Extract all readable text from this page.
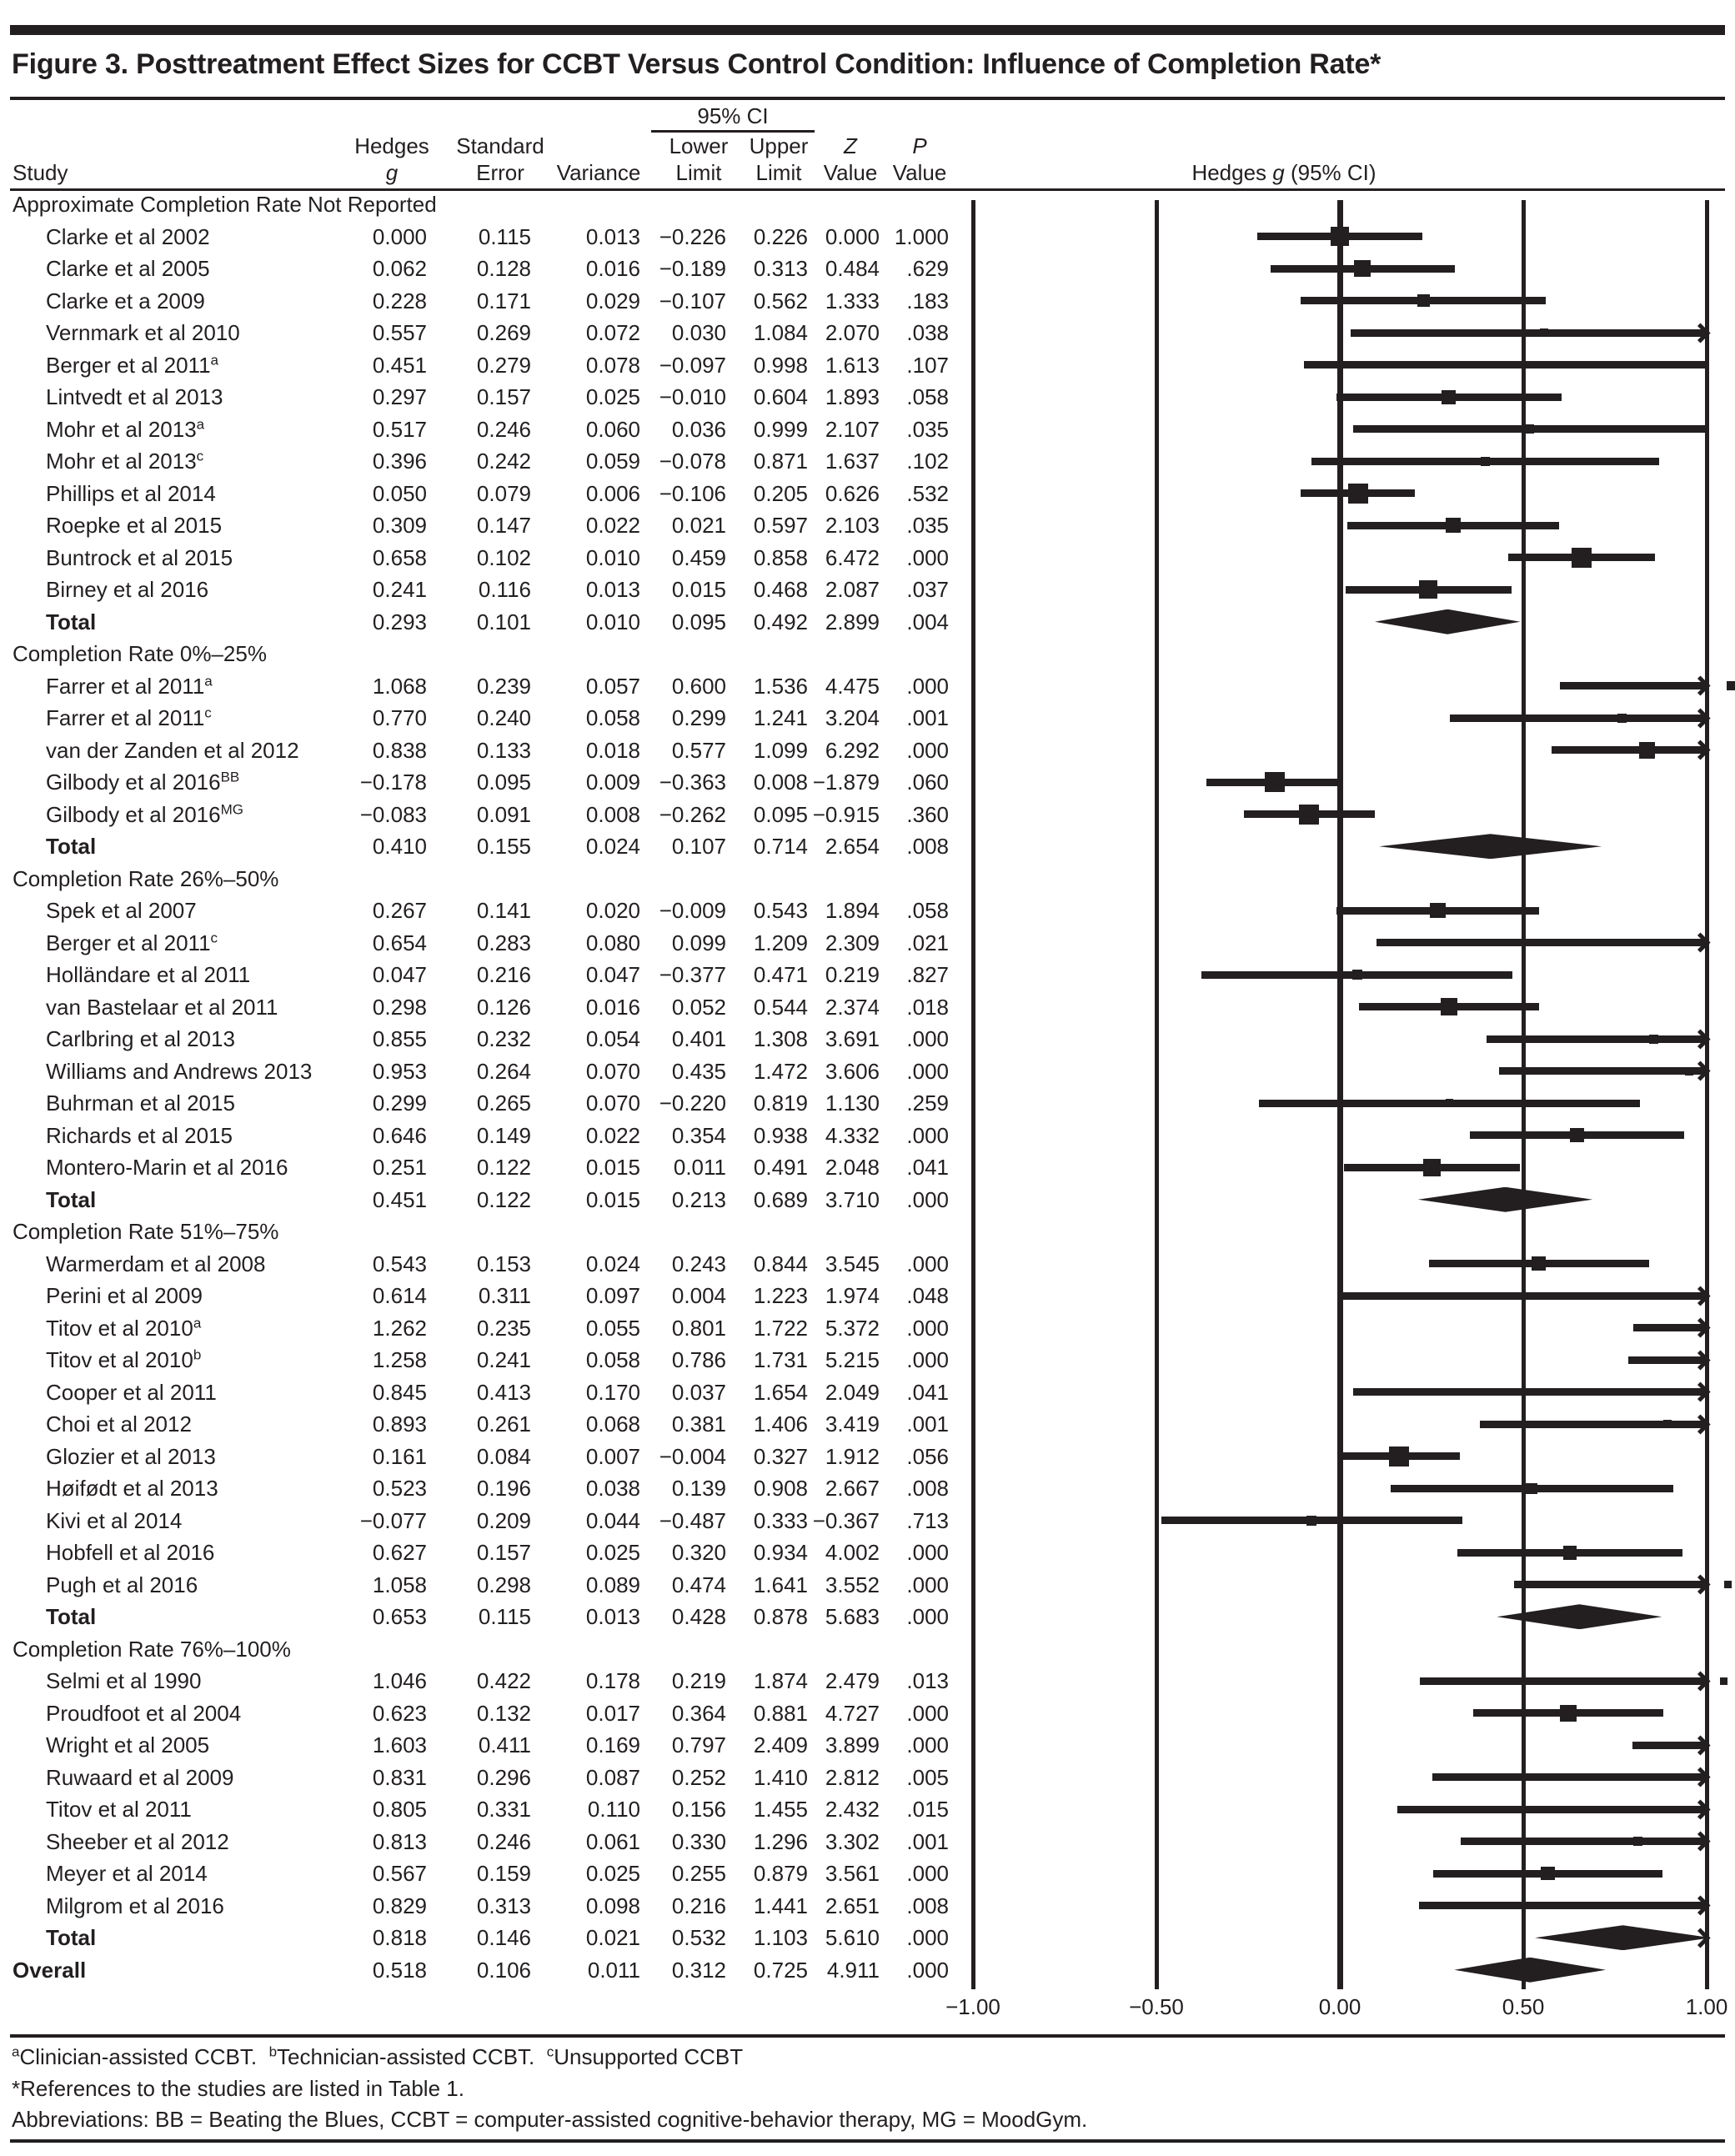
Figure 3. Posttreatment Effect Sizes for CCBT Versus Control Condition: Influence of Completion Rate*
95% CI
Hedges Standard	Lower Upper Z	P
Study	g	Error Variance Limit Limit Value Value	Hedges g (95% CI)
Approximate Completion Rate Not Reported
Clarke et al 2002	0.000 0.115	0.013 −0.226 0.226 0.000 1.000
Clarke et al 2005	0.062 0.128	0.016 −0.189 0.313 0.484 .629
Clarke et a 2009	0.228 0.171	0.029 −0.107 0.562 1.333 .183
Vernmark et al 2010	0.557 0.269	0.072 0.030 1.084 2.070 .038
Berger et al 2011$^a$	0.451 0.279	0.078 −0.097 0.998 1.613 .107
Lintvedt et al 2013	0.297 0.157	0.025 −0.010 0.604 1.893 .058
Mohr et al 2013$^a$	0.517 0.246	0.060 0.036 0.999 2.107 .035
Mohr et al 2013$^c$	0.396 0.242	0.059 −0.078 0.871 1.637 .102
Phillips et al 2014	0.050 0.079	0.006 −0.106 0.205 0.626 .532
Roepke et al 2015	0.309 0.147	0.022 0.021 0.597 2.103 .035
Buntrock et al 2015	0.658 0.102	0.010 0.459 0.858 6.472 .000
Birney et al 2016	0.241 0.116	0.013 0.015 0.468 2.087 .037
Total	0.293 0.101	0.010 0.095 0.492 2.899 .004
Completion Rate 0%–25%
Farrer et al 2011$^a$	1.068 0.239	0.057 0.600 1.536 4.475 .000
Farrer et al 2011$^c$	0.770 0.240	0.058 0.299 1.241 3.204 .001
van der Zanden et al 2012	0.838 0.133	0.018 0.577 1.099 6.292 .000
Gilbody et al $2016^{BB}$	−0.178 0.095	0.009 −0.363 0.008 −1.879 .060
Gilbody et al $2016^{MG}$	−0.083 0.091	0.008 −0.262 0.095 −0.915 .360
Total	0.410 0.155	0.024 0.107 0.714 2.654 .008
Completion Rate 26%–50%
Spek et al 2007	0.267 0.141	0.020 −0.009 0.543 1.894 .058
Berger et al 2011$^c$	0.654 0.283	0.080 0.099 1.209 2.309 .021
Holländare et al 2011	0.047 0.216	0.047 −0.377 0.471 0.219 .827
van Bastelaar et al 2011	0.298 0.126	0.016 0.052 0.544 2.374 .018
Carlbring et al 2013	0.855 0.232	0.054 0.401 1.308 3.691 .000
Williams and Andrews 2013	0.953 0.264	0.070 0.435 1.472 3.606 .000
Buhrman et al 2015	0.299 0.265	0.070 −0.220 0.819 1.130 .259
Richards et al 2015	0.646 0.149	0.022 0.354 0.938 4.332 .000
Montero-Marin et al 2016	0.251 0.122	0.015 0.011 0.491 2.048 .041
Total	0.451 0.122	0.015 0.213 0.689 3.710 .000
Completion Rate 51%–75%
Warmerdam et al 2008	0.543 0.153	0.024 0.243 0.844 3.545 .000
Perini et al 2009	0.614 0.311	0.097 0.004 1.223 1.974 .048
Titov et al 2010$^a$	1.262 0.235	0.055 0.801 1.722 5.372 .000
Titov et al 2010$^b$	1.258 0.241	0.058 0.786 1.731 5.215 .000
Cooper et al 2011	0.845 0.413	0.170 0.037 1.654 2.049 .041
Choi et al 2012	0.893 0.261	0.068 0.381 1.406 3.419 .001
Glozier et al 2013	0.161 0.084	0.007 −0.004 0.327 1.912 .056
Høifødt et al 2013	0.523 0.196	0.038 0.139 0.908 2.667 .008
Kivi et al 2014	−0.077 0.209	0.044 −0.487 0.333 −0.367 .713
Hobfell et al 2016	0.627 0.157	0.025 0.320 0.934 4.002 .000
Pugh et al 2016	1.058 0.298	0.089 0.474 1.641 3.552 .000
Total	0.653 0.115	0.013 0.428 0.878 5.683 .000
Completion Rate 76%–100%
Selmi et al 1990	1.046 0.422	0.178 0.219 1.874 2.479 .013
Proudfoot et al 2004	0.623 0.132	0.017 0.364 0.881 4.727 .000
Wright et al 2005	1.603 0.411	0.169 0.797 2.409 3.899 .000
Ruwaard et al 2009	0.831 0.296	0.087 0.252 1.410 2.812 .005
Titov et al 2011	0.805 0.331	0.110 0.156 1.455 2.432 .015
Sheeber et al 2012	0.813 0.246	0.061 0.330 1.296 3.302 .001
Meyer et al 2014	0.567 0.159	0.025 0.255 0.879 3.561 .000
Milgrom et al 2016	0.829 0.313	0.098 0.216 1.441 2.651 .008
Total	0.818 0.146	0.021 0.532 1.103 5.610 .000
Overall	0.518 0.106	0.011 0.312 0.725 4.911 .000
−1.00	−0.50	0.00	0.50	1.00
$^a$Clinician-assisted CCBT.  $^b$Technician-assisted CCBT.  $^c$Unsupported CCBT
*References to the studies are listed in Table 1.
Abbreviations: BB = Beating the Blues, CCBT = computer-assisted cognitive-behavior therapy, MG = MoodGym.
